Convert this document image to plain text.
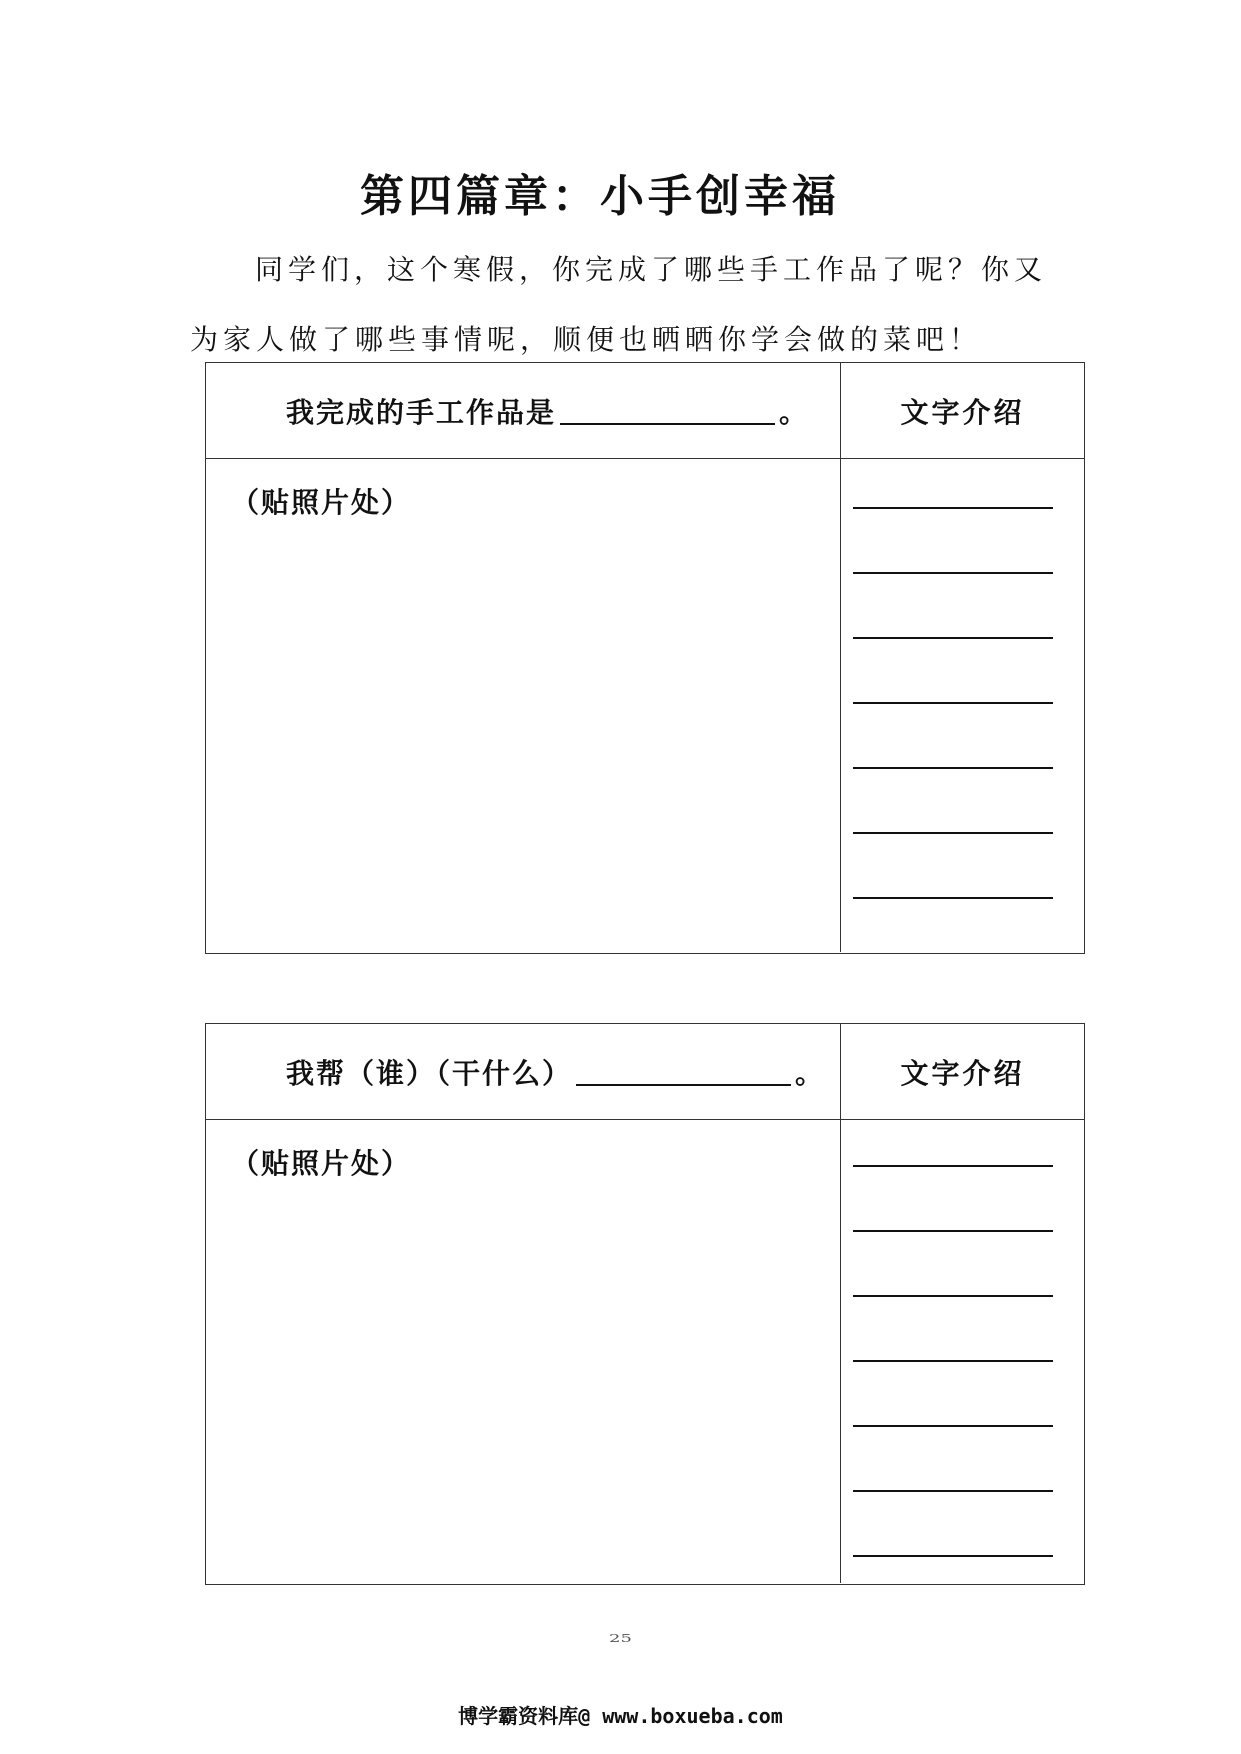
第四篇章：小手创幸福
同学们，这个寒假，你完成了哪些手工作品了呢？你又
为家人做了哪些事情呢，顺便也晒晒你学会做的菜吧！
我完成的手工作品是	。	文字介绍
（贴照片处）
我帮（谁）（干什么）	。	文字介绍
（贴照片处）
25
博学霸资料库@ www.boxueba.com
